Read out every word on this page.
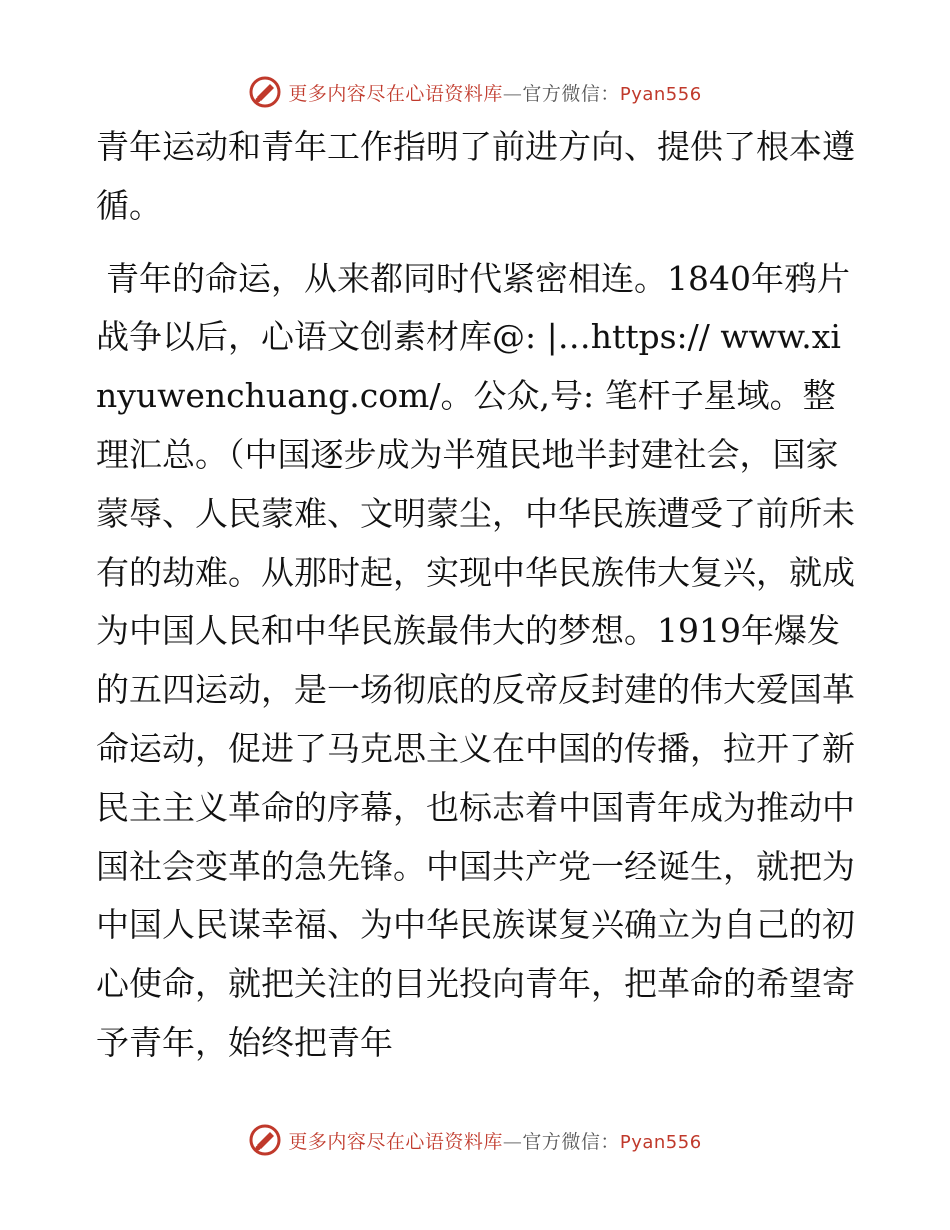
更多内容尽在心语资料库—官方微信：Pyan556

青年运动和青年工作指明了前进方向、提供了根本遵循。

青年的命运，从来都同时代紧密相连。1840年鸦片战争以后，心语文创素材库@: |…https:// www.xinyuwenchuang.com/。公众,号: 笔杆子星域。整理汇总。（中国逐步成为半殖民地半封建社会，国家蒙辱、人民蒙难、文明蒙尘，中华民族遭受了前所未有的劫难。从那时起，实现中华民族伟大复兴，就成为中国人民和中华民族最伟大的梦想。1919年爆发的五四运动，是一场彻底的反帝反封建的伟大爱国革命运动，促进了马克思主义在中国的传播，拉开了新民主主义革命的序幕，也标志着中国青年成为推动中国社会变革的急先锋。中国共产党一经诞生，就把为中国人民谋幸福、为中华民族谋复兴确立为自己的初心使命，就把关注的目光投向青年，把革命的希望寄予青年，始终把青年

更多内容尽在心语资料库—官方微信：Pyan556
